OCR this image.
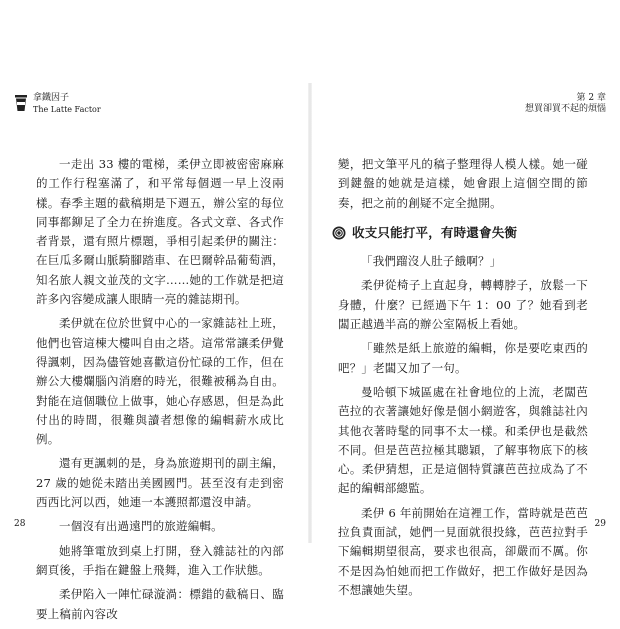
拿鐵因子
The Latte Factor

一走出 33 樓的電梯，柔伊立即被密密麻麻的工作行程塞滿了，和平常每個週一早上沒兩樣。春季主題的截稿期是下週五，辦公室的每位同事都鉚足了全力在拚進度。各式文章、各式作者背景，還有照片標題，爭相引起柔伊的關注：在巨瓜多爾山脈騎腳踏車、在巴爾幹品葡萄酒，知名旅人親文並茂的文字……她的工作就是把這許多內容變成讓人眼睛一亮的雜誌期刊。

柔伊就在位於世貿中心的一家雜誌社上班，他們也管這棟大樓叫自由之塔。這常常讓柔伊覺得諷刺，因為儘管她喜歡這份忙碌的工作，但在辦公大樓爛腦內消磨的時光，很難被稱為自由。對能在這個職位上做事，她心存感恩，但是為此付出的時間，很難與讀者想像的編輯薪水成比例。

還有更諷刺的是，身為旅遊期刊的副主編，27 歲的她從未踏出美國國門。甚至沒有走到密西西比河以西，她連一本護照都還沒申請。

一個沒有出過遠門的旅遊編輯。

她將筆電放到桌上打開，登入雜誌社的內部網頁後，手指在鍵盤上飛舞，進入工作狀態。

柔伊陷入一陣忙碌漩渦：標錯的截稿日、臨要上稿前內容改

28
第 2 章
想買卻買不起的煩惱

變，把文筆平凡的稿子整理得人模人樣。她一碰到鍵盤的她就是這樣，她會跟上這個空間的節奏，把之前的創疑不定全拋開。

收支只能打平，有時還會失衡

「我們蹓沒人肚子餓啊？」

柔伊從椅子上直起身，轉轉脖子，放鬆一下身體，什麼？已經過下午 1：00 了？她看到老闆正越過半高的辦公室隔板上看她。

「雖然是紙上旅遊的編輯，你是要吃東西的吧？」老闆又加了一句。

曼哈頓下城區處在社會地位的上流，老闆芭芭拉的衣著讓她好像是個小網遊客，與雜誌社內其他衣著時髦的同事不太一樣。和柔伊也是截然不同。但是芭芭拉極其聰穎，了解事物底下的核心。柔伊猜想，正是這個特質讓芭芭拉成為了不起的編輯部總監。

柔伊 6 年前開始在這裡工作，當時就是芭芭拉負責面試，她們一見面就很投緣，芭芭拉對手下編輯期望很高，要求也很高，卻嚴而不厲。你不是因為怕她而把工作做好，把工作做好是因為不想讓她失望。

29
